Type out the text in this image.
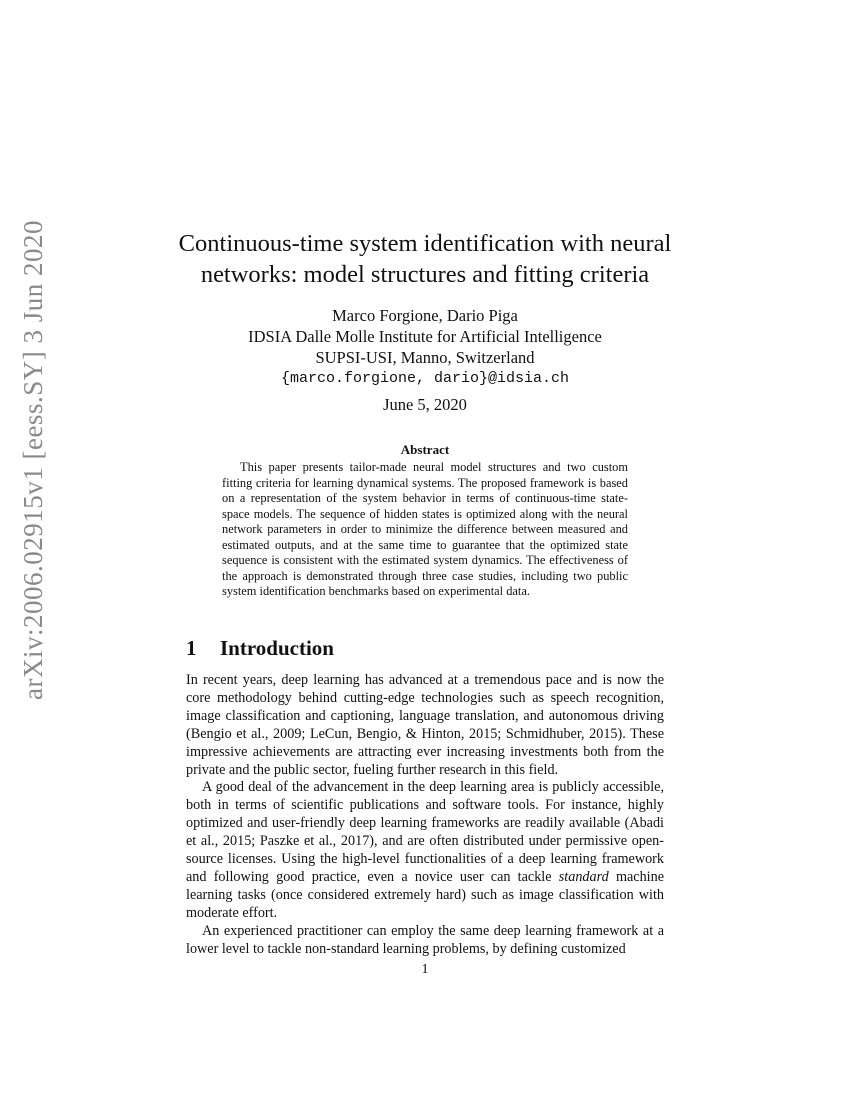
arXiv:2006.02915v1 [eess.SY] 3 Jun 2020	Continuous-time system identification with neural
networks: model structures and fitting criteria
Marco Forgione, Dario Piga
IDSIA Dalle Molle Institute for Artificial Intelligence
SUPSI-USI, Manno, Switzerland
{marco.forgione, dario}@idsia.ch
June 5, 2020
Abstract
This paper presents tailor-made neural model structures and two custom fitting criteria for learning dynamical systems. The proposed framework is based on a representation of the system behavior in terms of continuous-time state-space models. The sequence of hidden states is optimized along with the neural network parameters in order to minimize the difference between measured and estimated outputs, and at the same time to guarantee that the optimized state sequence is consistent with the estimated system dynamics. The effectiveness of the approach is demonstrated through three case studies, including two public system identification benchmarks based on experimental data.
1 Introduction

In recent years, deep learning has advanced at a tremendous pace and is now the core methodology behind cutting-edge technologies such as speech recognition, image classification and captioning, language translation, and autonomous driving (Bengio et al., 2009; LeCun, Bengio, & Hinton, 2015; Schmidhuber, 2015). These impressive achievements are attracting ever increasing investments both from the private and the public sector, fueling further research in this field.

A good deal of the advancement in the deep learning area is publicly accessible, both in terms of scientific publications and software tools. For instance, highly optimized and user-friendly deep learning frameworks are readily available (Abadi et al., 2015; Paszke et al., 2017), and are often distributed under permissive open-source licenses. Using the high-level functionalities of a deep learning framework and following good practice, even a novice user can tackle standard machine learning tasks (once considered extremely hard) such as image classification with moderate effort.

An experienced practitioner can employ the same deep learning framework at a lower level to tackle non-standard learning problems, by defining customized

1
